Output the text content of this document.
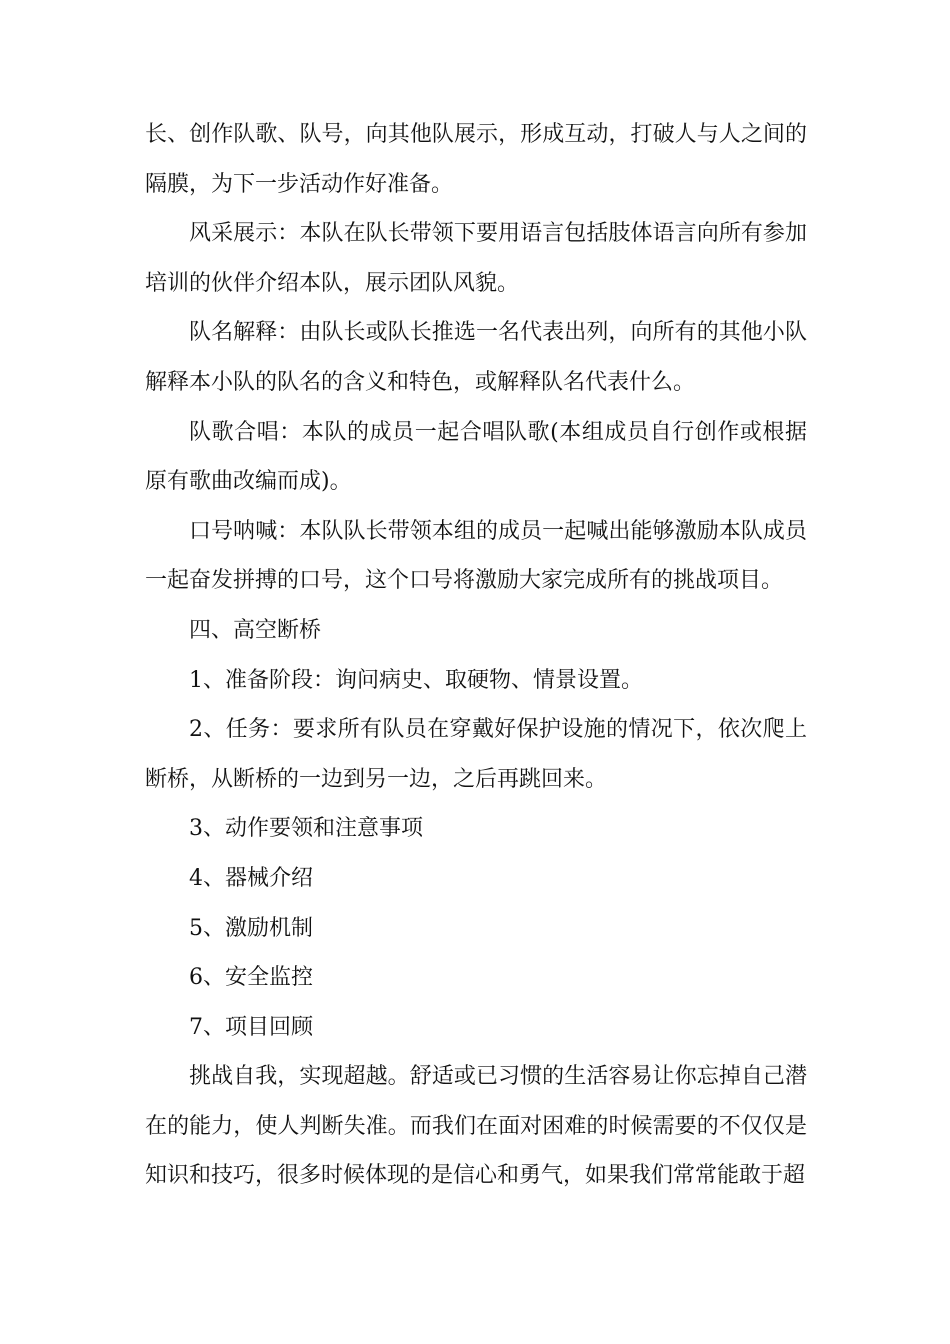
长、创作队歌、队号，向其他队展示，形成互动，打破人与人之间的隔膜，为下一步活动作好准备。

风采展示：本队在队长带领下要用语言包括肢体语言向所有参加培训的伙伴介绍本队，展示团队风貌。

队名解释：由队长或队长推选一名代表出列，向所有的其他小队解释本小队的队名的含义和特色，或解释队名代表什么。

队歌合唱：本队的成员一起合唱队歌(本组成员自行创作或根据原有歌曲改编而成)。

口号呐喊：本队队长带领本组的成员一起喊出能够激励本队成员一起奋发拼搏的口号，这个口号将激励大家完成所有的挑战项目。

四、高空断桥

1、准备阶段：询问病史、取硬物、情景设置。

2、任务：要求所有队员在穿戴好保护设施的情况下，依次爬上断桥，从断桥的一边到另一边，之后再跳回来。

3、动作要领和注意事项

4、器械介绍

5、激励机制

6、安全监控

7、项目回顾

挑战自我，实现超越。舒适或已习惯的生活容易让你忘掉自己潜在的能力，使人判断失准。而我们在面对困难的时候需要的不仅仅是知识和技巧，很多时候体现的是信心和勇气，如果我们常常能敢于超
